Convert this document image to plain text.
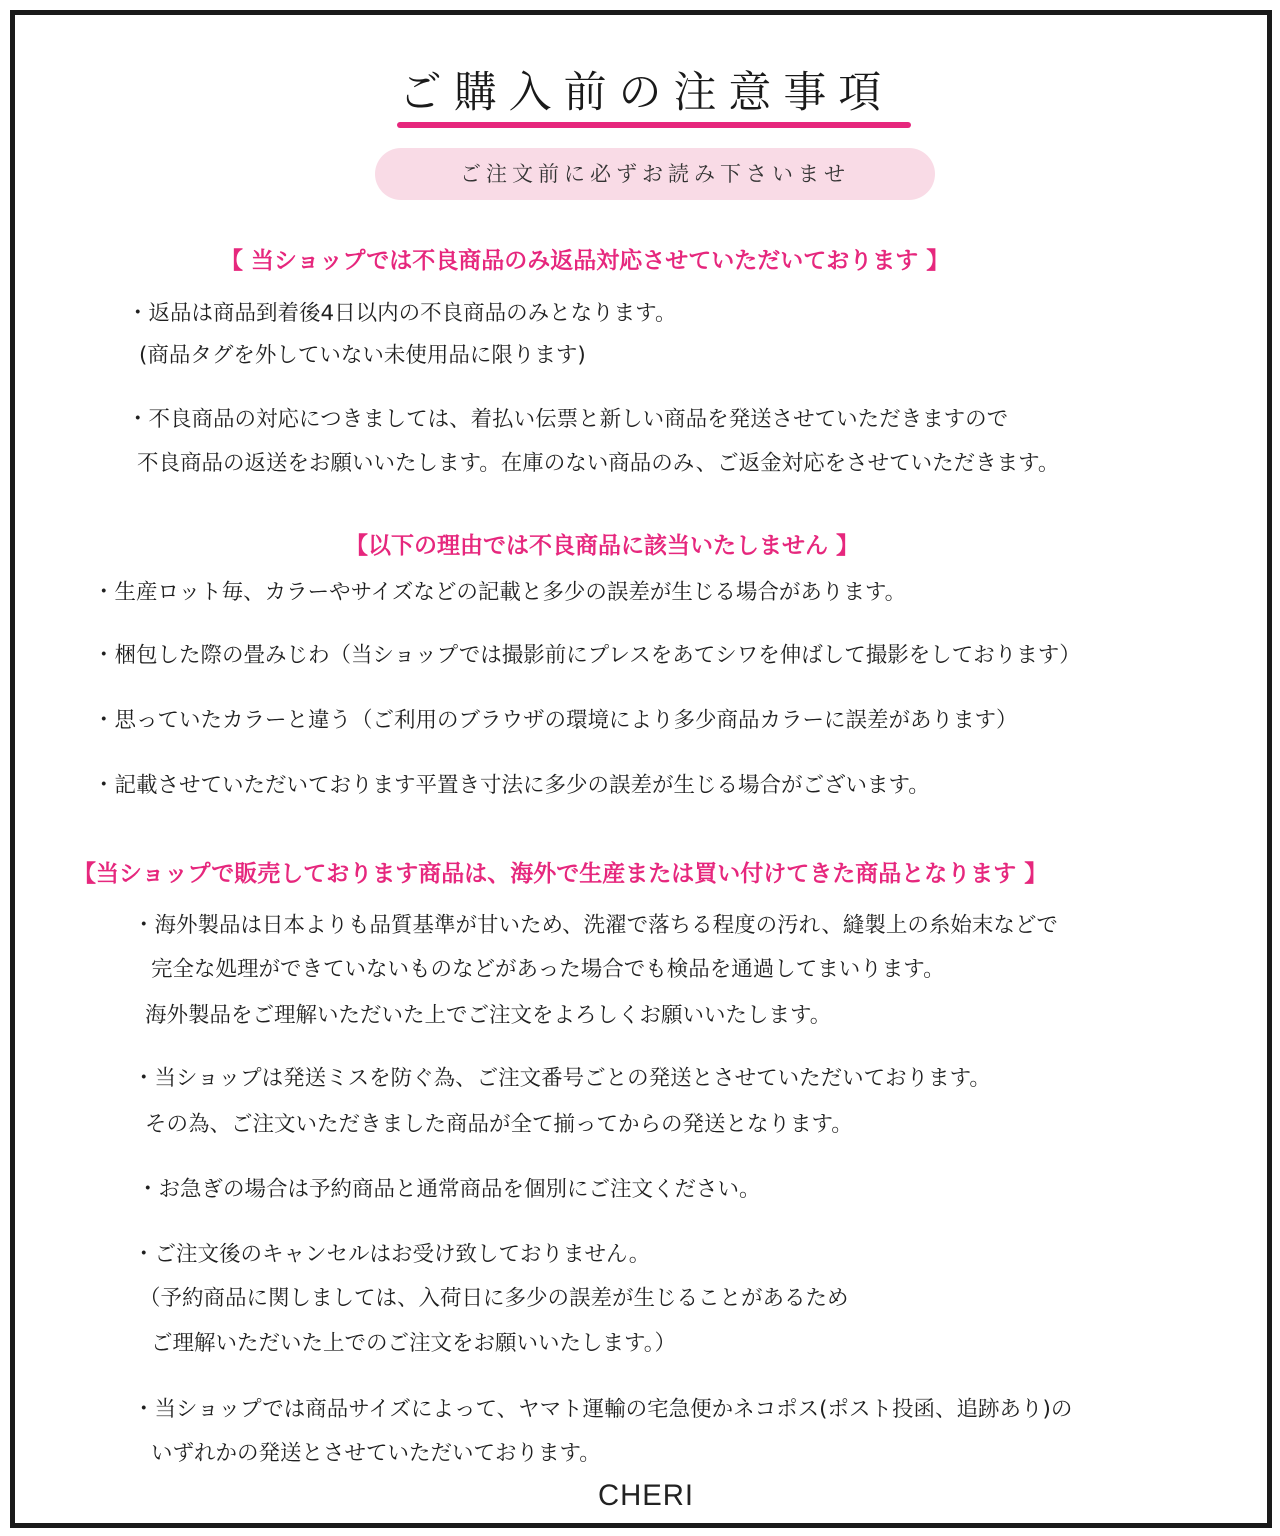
ご購入前の注意事項
ご注文前に必ずお読み下さいませ
【 当ショップでは不良商品のみ返品対応させていただいております 】
・返品は商品到着後4日以内の不良商品のみとなります。
(商品タグを外していない未使用品に限ります)
・不良商品の対応につきましては、着払い伝票と新しい商品を発送させていただきますので
不良商品の返送をお願いいたします。在庫のない商品のみ、ご返金対応をさせていただきます。
【以下の理由では不良商品に該当いたしません 】
・生産ロット毎、カラーやサイズなどの記載と多少の誤差が生じる場合があります。
・梱包した際の畳みじわ（当ショップでは撮影前にプレスをあてシワを伸ばして撮影をしております）
・思っていたカラーと違う（ご利用のブラウザの環境により多少商品カラーに誤差があります）
・記載させていただいております平置き寸法に多少の誤差が生じる場合がございます。
【当ショップで販売しております商品は、海外で生産または買い付けてきた商品となります 】
・海外製品は日本よりも品質基準が甘いため、洗濯で落ちる程度の汚れ、縫製上の糸始末などで
完全な処理ができていないものなどがあった場合でも検品を通過してまいります。
海外製品をご理解いただいた上でご注文をよろしくお願いいたします。
・当ショップは発送ミスを防ぐ為、ご注文番号ごとの発送とさせていただいております。
その為、ご注文いただきました商品が全て揃ってからの発送となります。
・お急ぎの場合は予約商品と通常商品を個別にご注文ください。
・ご注文後のキャンセルはお受け致しておりません。
（予約商品に関しましては、入荷日に多少の誤差が生じることがあるため
ご理解いただいた上でのご注文をお願いいたします。）
・当ショップでは商品サイズによって、ヤマト運輸の宅急便かネコポス(ポスト投函、追跡あり)の
いずれかの発送とさせていただいております。
CHERI
